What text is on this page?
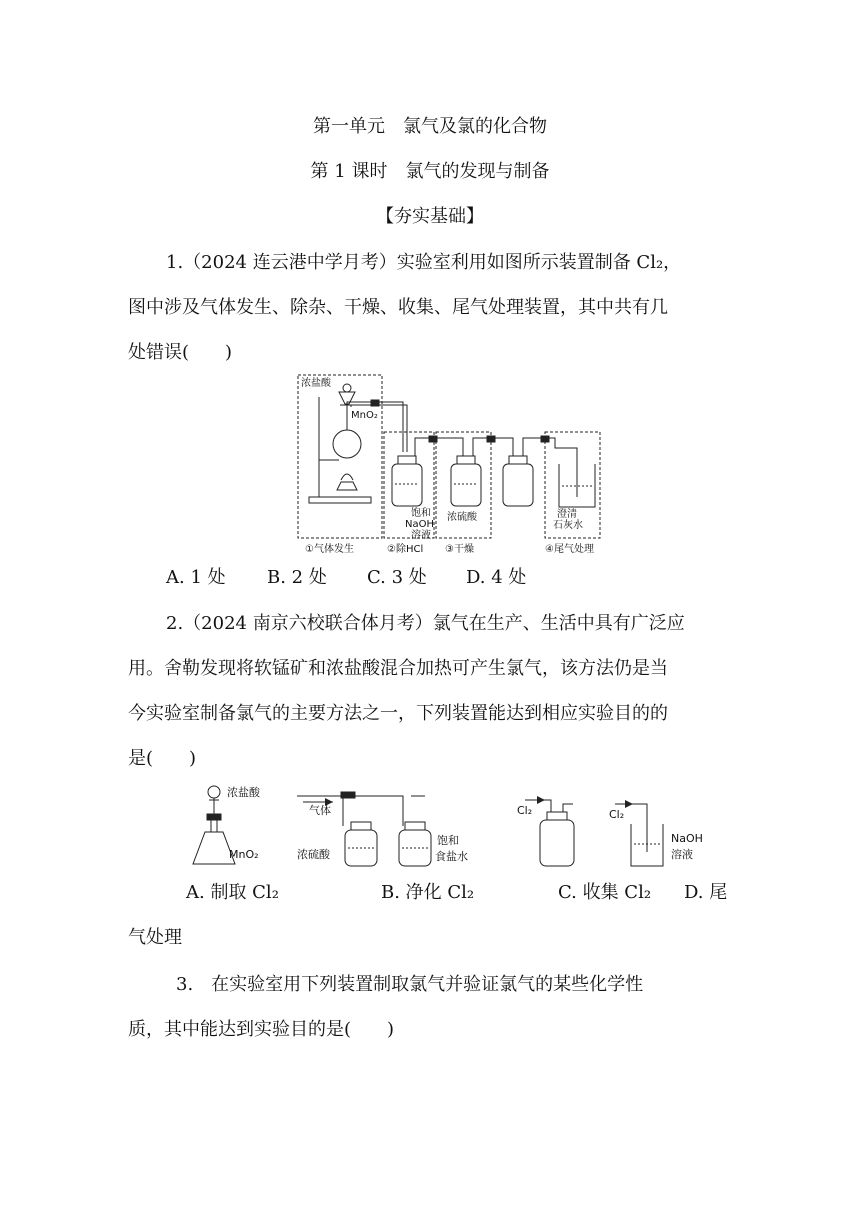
第一单元　氯气及氯的化合物
第 1 课时　氯气的发现与制备
【夯实基础】
1.（2024 连云港中学月考）实验室利用如图所示装置制备 Cl₂，
图中涉及气体发生、除杂、干燥、收集、尾气处理装置，其中共有几
处错误(　　)
浓盐酸
MnO₂
饱和
NaOH
溶液
浓硫酸	澄清
石灰水
①气体发生	②除HCl ③干燥	④尾气处理
A. 1 处 B. 2 处 C. 3 处 D. 4 处
2.（2024 南京六校联合体月考）氯气在生产、生活中具有广泛应
用。舍勒发现将软锰矿和浓盐酸混合加热可产生氯气，该方法仍是当
今实验室制备氯气的主要方法之一，下列装置能达到相应实验目的的
是(　　)
浓盐酸
MnO₂
气体
浓硫酸
饱和
食盐水
Cl₂	Cl₂
NaOH
溶液
A. 制取 Cl₂	B. 净化 Cl₂	C. 收集 Cl₂ D. 尾
气处理
3.　在实验室用下列装置制取氯气并验证氯气的某些化学性
质，其中能达到实验目的是(　　)
